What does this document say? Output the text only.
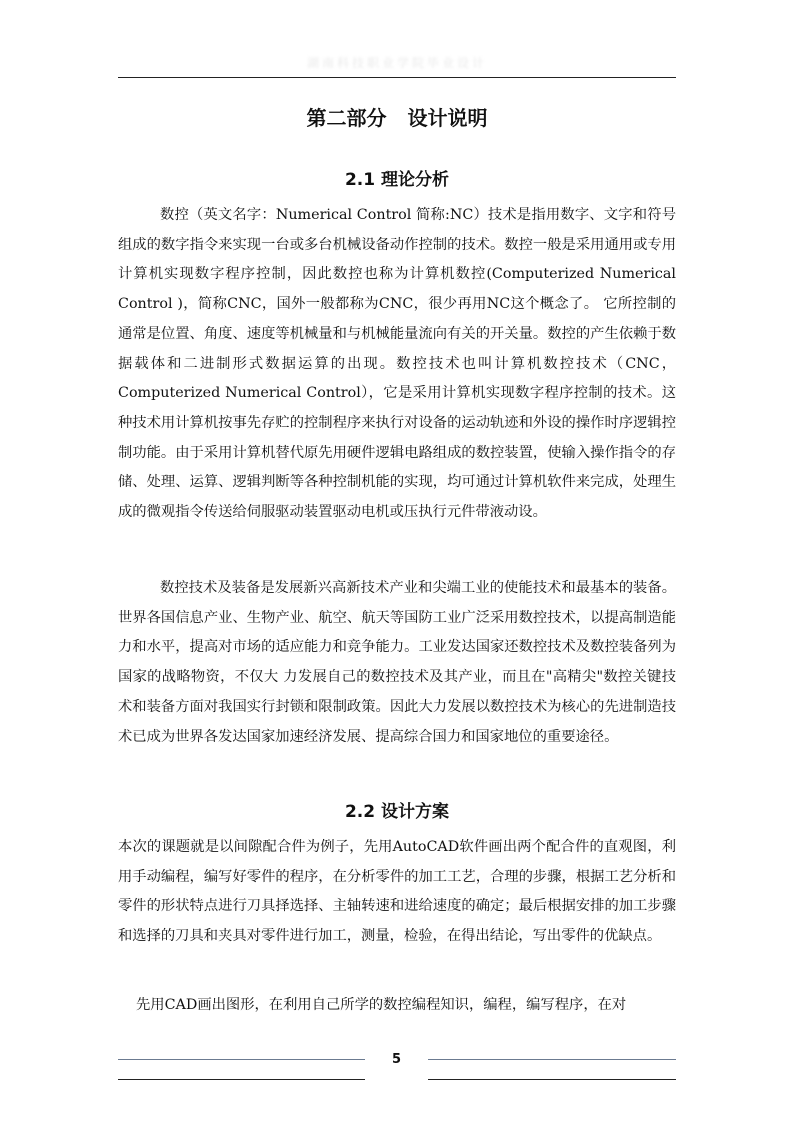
湖南科技职业学院毕业设计
第二部分 设计说明
2.1 理论分析

数控（英文名字：Numerical Control 简称:NC）技术是指用数字、文字和符号组成的数字指令来实现一台或多台机械设备动作控制的技术。数控一般是采用通用或专用计算机实现数字程序控制，因此数控也称为计算机数控(Computerized Numerical Control )，简称CNC，国外一般都称为CNC，很少再用NC这个概念了。 它所控制的通常是位置、角度、速度等机械量和与机械能量流向有关的开关量。数控的产生依赖于数据载体和二进制形式数据运算的出现。数控技术也叫计算机数控技术（CNC，Computerized Numerical Control），它是采用计算机实现数字程序控制的技术。这种技术用计算机按事先存贮的控制程序来执行对设备的运动轨迹和外设的操作时序逻辑控制功能。由于采用计算机替代原先用硬件逻辑电路组成的数控装置，使输入操作指令的存储、处理、运算、逻辑判断等各种控制机能的实现，均可通过计算机软件来完成，处理生成的微观指令传送给伺服驱动装置驱动电机或压执行元件带液动设。

数控技术及装备是发展新兴高新技术产业和尖端工业的使能技术和最基本的装备。世界各国信息产业、生物产业、航空、航天等国防工业广泛采用数控技术，以提高制造能力和水平，提高对市场的适应能力和竞争能力。工业发达国家还数控技术及数控装备列为国家的战略物资，不仅大 力发展自己的数控技术及其产业，而且在"高精尖"数控关键技术和装备方面对我国实行封锁和限制政策。因此大力发展以数控技术为核心的先进制造技术已成为世界各发达国家加速经济发展、提高综合国力和国家地位的重要途径。

2.2 设计方案

本次的课题就是以间隙配合件为例子，先用AutoCAD软件画出两个配合件的直观图，利用手动编程，编写好零件的程序，在分析零件的加工工艺，合理的步骤，根据工艺分析和零件的形状特点进行刀具择选择、主轴转速和进给速度的确定；最后根据安排的加工步骤和选择的刀具和夹具对零件进行加工，测量，检验，在得出结论，写出零件的优缺点。

先用CAD画出图形，在利用自己所学的数控编程知识，编程，编写程序，在对

5
